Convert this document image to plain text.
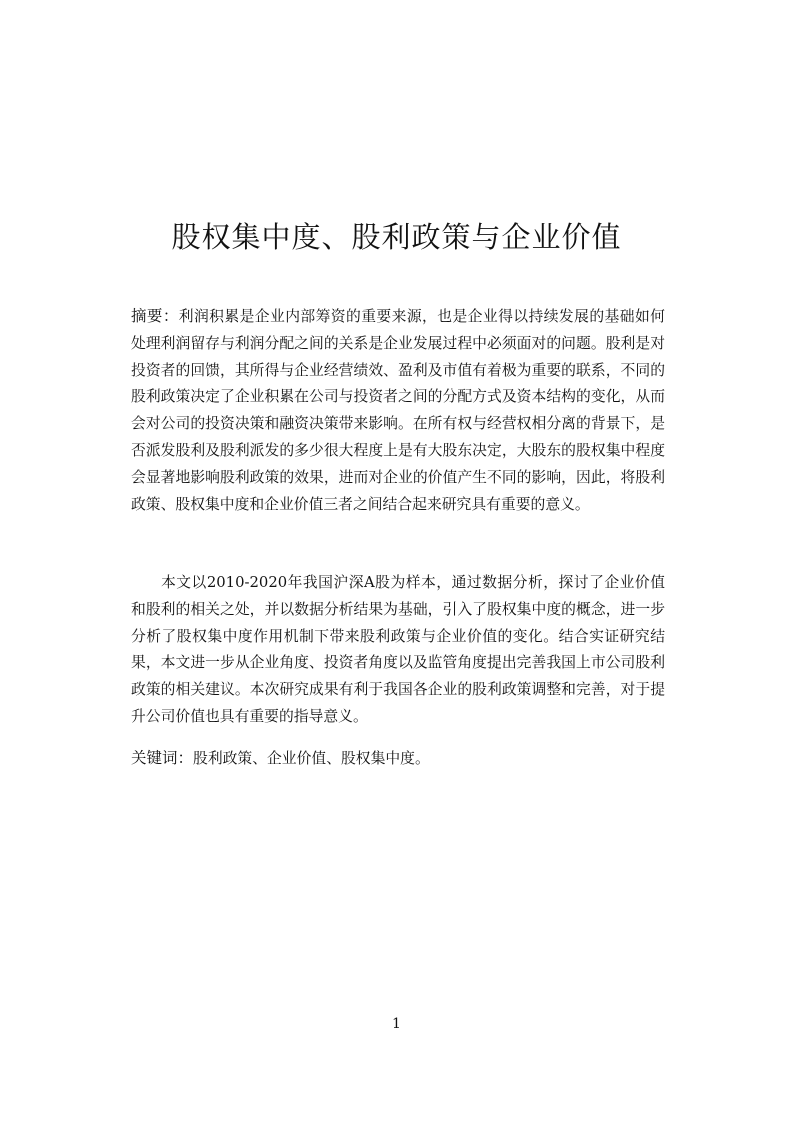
股权集中度、股利政策与企业价值

摘要：利润积累是企业内部筹资的重要来源，也是企业得以持续发展的基础如何处理利润留存与利润分配之间的关系是企业发展过程中必须面对的问题。股利是对投资者的回馈，其所得与企业经营绩效、盈利及市值有着极为重要的联系，不同的股利政策决定了企业积累在公司与投资者之间的分配方式及资本结构的变化，从而会对公司的投资决策和融资决策带来影响。在所有权与经营权相分离的背景下，是否派发股利及股利派发的多少很大程度上是有大股东决定，大股东的股权集中程度会显著地影响股利政策的效果，进而对企业的价值产生不同的影响，因此，将股利政策、股权集中度和企业价值三者之间结合起来研究具有重要的意义。

本文以2010-2020年我国沪深A股为样本，通过数据分析，探讨了企业价值和股利的相关之处，并以数据分析结果为基础，引入了股权集中度的概念，进一步分析了股权集中度作用机制下带来股利政策与企业价值的变化。结合实证研究结果，本文进一步从企业角度、投资者角度以及监管角度提出完善我国上市公司股利政策的相关建议。本次研究成果有利于我国各企业的股利政策调整和完善，对于提升公司价值也具有重要的指导意义。

关键词：股利政策、企业价值、股权集中度。

1
